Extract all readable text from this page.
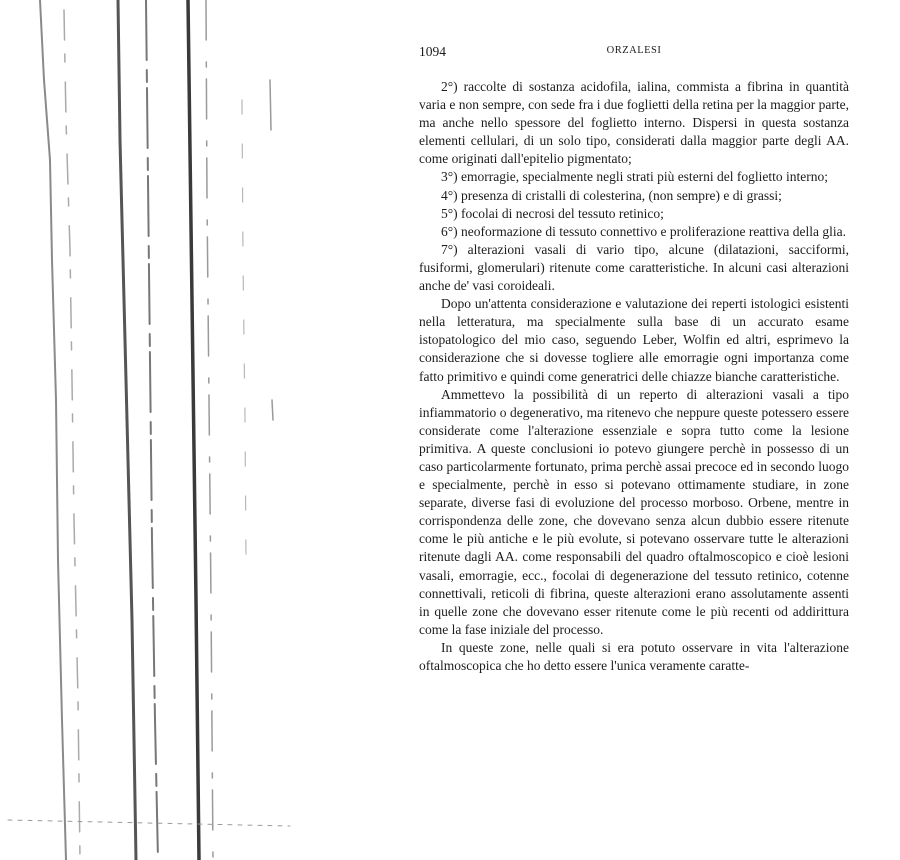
1094	ORZALESI

2°) raccolte di sostanza acidofila, ialina, commista a fibrina in quantità varia e non sempre, con sede fra i due foglietti della retina per la maggior parte, ma anche nello spessore del foglietto interno. Dispersi in questa sostanza elementi cellulari, di un solo tipo, considerati dalla maggior parte degli AA. come originati dall'epitelio pigmentato;

3°) emorragie, specialmente negli strati più esterni del foglietto interno;

4°) presenza di cristalli di colesterina, (non sempre) e di grassi;

5°) focolai di necrosi del tessuto retinico;

6°) neoformazione di tessuto connettivo e proliferazione reattiva della glia.

7°) alterazioni vasali di vario tipo, alcune (dilatazioni, sacciformi, fusiformi, glomerulari) ritenute come caratteristiche. In alcuni casi alterazioni anche de' vasi coroideali.

Dopo un'attenta considerazione e valutazione dei reperti istologici esistenti nella letteratura, ma specialmente sulla base di un accurato esame istopatologico del mio caso, seguendo Leber, Wolfin ed altri, esprimevo la considerazione che si dovesse togliere alle emorragie ogni importanza come fatto primitivo e quindi come generatrici delle chiazze bianche caratteristiche.

Ammettevo la possibilità di un reperto di alterazioni vasali a tipo infiammatorio o degenerativo, ma ritenevo che neppure queste potessero essere considerate come l'alterazione essenziale e sopra tutto come la lesione primitiva. A queste conclusioni io potevo giungere perchè in possesso di un caso particolarmente fortunato, prima perchè assai precoce ed in secondo luogo e specialmente, perchè in esso si potevano ottimamente studiare, in zone separate, diverse fasi di evoluzione del processo morboso. Orbene, mentre in corrispondenza delle zone, che dovevano senza alcun dubbio essere ritenute come le più antiche e le più evolute, si potevano osservare tutte le alterazioni ritenute dagli AA. come responsabili del quadro oftalmoscopico e cioè lesioni vasali, emorragie, ecc., focolai di degenerazione del tessuto retinico, cotenne connettivali, reticoli di fibrina, queste alterazioni erano assolutamente assenti in quelle zone che dovevano esser ritenute come le più recenti od addirittura come la fase iniziale del processo.

In queste zone, nelle quali si era potuto osservare in vita l'alterazione oftalmoscopica che ho detto essere l'unica veramente caratte-
